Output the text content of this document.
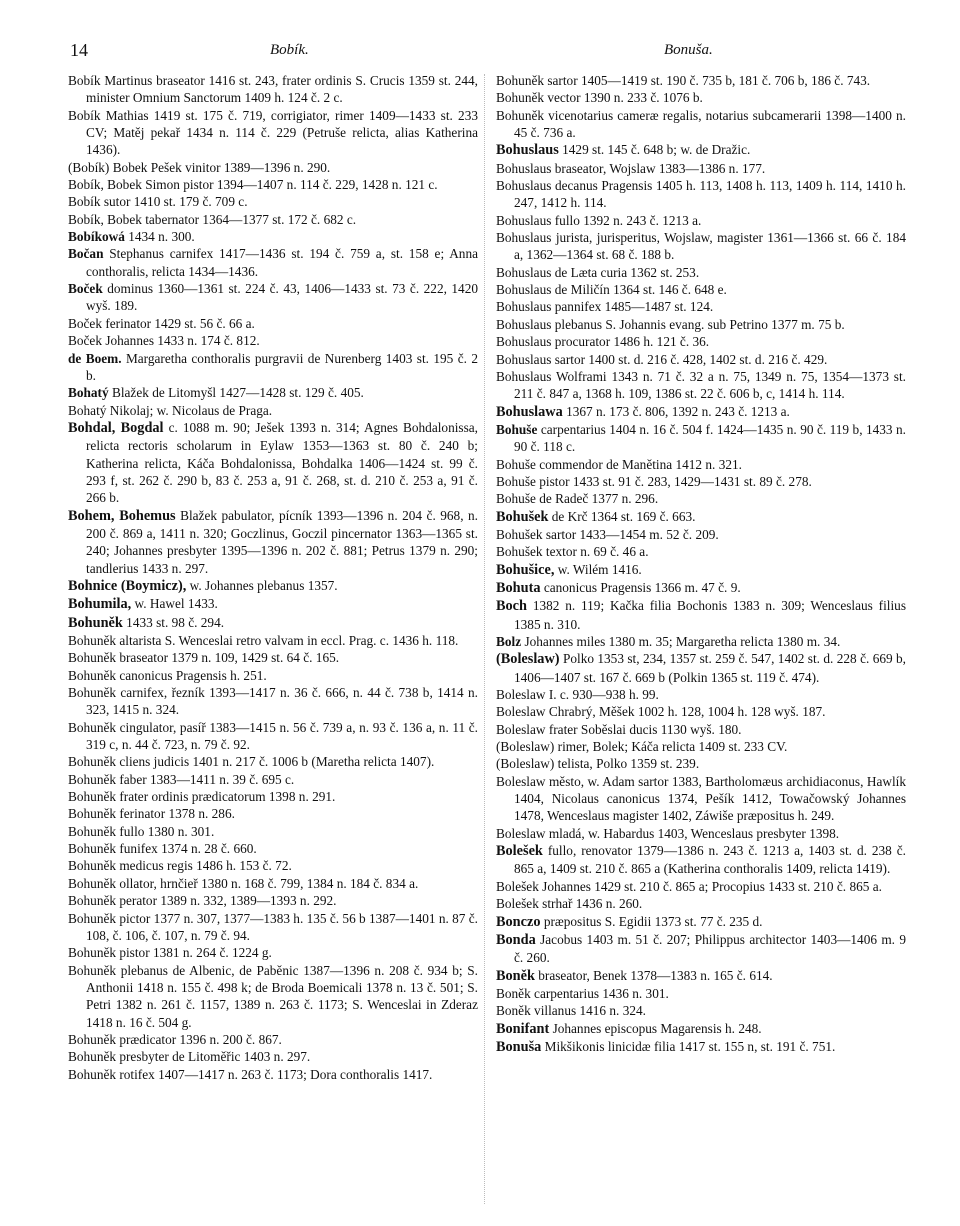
14	Bobík.	Bonuša.

Bobík Martinus braseator 1416 st. 243, frater ordinis S. Crucis 1359 st. 244, minister Omnium Sanctorum 1409 h. 124 č. 2 c.

Bobík Mathias 1419 st. 175 č. 719, corrigiator, rimer 1409—1433 st. 233 CV; Matěj pekař 1434 n. 114 č. 229 (Petruše relicta, alias Katherina 1436).

(Bobík) Bobek Pešek vinitor 1389—1396 n. 290.

Bobík, Bobek Simon pistor 1394—1407 n. 114 č. 229, 1428 n. 121 c.

Bobík sutor 1410 st. 179 č. 709 c.

Bobík, Bobek tabernator 1364—1377 st. 172 č. 682 c.

Bobíkowá 1434 n. 300.

Bočan Stephanus carnifex 1417—1436 st. 194 č. 759 a, st. 158 e; Anna conthoralis, relicta 1434—1436.

Boček dominus 1360—1361 st. 224 č. 43, 1406—1433 st. 73 č. 222, 1420 wyš. 189.

Boček ferinator 1429 st. 56 č. 66 a.

Boček Johannes 1433 n. 174 č. 812.

de Boem. Margaretha conthoralis purgravii de Nurenberg 1403 st. 195 č. 2 b.

Bohatý Blažek de Litomyšl 1427—1428 st. 129 č. 405.

Bohatý Nikolaj; w. Nicolaus de Praga.

Bohdal, Bogdal c. 1088 m. 90; Ješek 1393 n. 314; Agnes Bohdalonissa, relicta rectoris scholarum in Eylaw 1353—1363 st. 80 č. 240 b; Katherina relicta, Káča Bohdalonissa, Bohdalka 1406—1424 st. 99 č. 293 f, st. 262 č. 290 b, 83 č. 253 a, 91 č. 268, st. d. 210 č. 253 a, 91 č. 266 b.

Bohem, Bohemus Blažek pabulator, pícník 1393—1396 n. 204 č. 968, n. 200 č. 869 a, 1411 n. 320; Goczlinus, Goczil pincernator 1363—1365 st. 240; Johannes presbyter 1395—1396 n. 202 č. 881; Petrus 1379 n. 290; tandlerius 1433 n. 297.

Bohnice (Boymicz), w. Johannes plebanus 1357.

Bohumila, w. Hawel 1433.

Bohuněk 1433 st. 98 č. 294.

Bohuněk altarista S. Wenceslai retro valvam in eccl. Prag. c. 1436 h. 118.

Bohuněk braseator 1379 n. 109, 1429 st. 64 č. 165.

Bohuněk canonicus Pragensis h. 251.

Bohuněk carnifex, řezník 1393—1417 n. 36 č. 666, n. 44 č. 738 b, 1414 n. 323, 1415 n. 324.

Bohuněk cingulator, pasíř 1383—1415 n. 56 č. 739 a, n. 93 č. 136 a, n. 11 č. 319 c, n. 44 č. 723, n. 79 č. 92.

Bohuněk cliens judicis 1401 n. 217 č. 1006 b (Maretha relicta 1407).

Bohuněk faber 1383—1411 n. 39 č. 695 c.

Bohuněk frater ordinis prædicatorum 1398 n. 291.

Bohuněk ferinator 1378 n. 286.

Bohuněk fullo 1380 n. 301.

Bohuněk funifex 1374 n. 28 č. 660.

Bohuněk medicus regis 1486 h. 153 č. 72.

Bohuněk ollator, hrnčieř 1380 n. 168 č. 799, 1384 n. 184 č. 834 a.

Bohuněk perator 1389 n. 332, 1389—1393 n. 292.

Bohuněk pictor 1377 n. 307, 1377—1383 h. 135 č. 56 b 1387—1401 n. 87 č. 108, č. 106, č. 107, n. 79 č. 94.

Bohuněk pistor 1381 n. 264 č. 1224 g.

Bohuněk plebanus de Albenic, de Paběnic 1387—1396 n. 208 č. 934 b; S. Anthonii 1418 n. 155 č. 498 k; de Broda Boemicali 1378 n. 13 č. 501; S. Petri 1382 n. 261 č. 1157, 1389 n. 263 č. 1173; S. Wenceslai in Zderaz 1418 n. 16 č. 504 g.

Bohuněk prædicator 1396 n. 200 č. 867.

Bohuněk presbyter de Litoměřic 1403 n. 297.

Bohuněk rotifex 1407—1417 n. 263 č. 1173; Dora conthoralis 1417.

Bohuněk sartor 1405—1419 st. 190 č. 735 b, 181 č. 706 b, 186 č. 743.

Bohuněk vector 1390 n. 233 č. 1076 b.

Bohuněk vicenotarius cameræ regalis, notarius subcamerarii 1398—1400 n. 45 č. 736 a.

Bohuslaus 1429 st. 145 č. 648 b; w. de Dražic.

Bohuslaus braseator, Wojslaw 1383—1386 n. 177.

Bohuslaus decanus Pragensis 1405 h. 113, 1408 h. 113, 1409 h. 114, 1410 h. 247, 1412 h. 114.

Bohuslaus fullo 1392 n. 243 č. 1213 a.

Bohuslaus jurista, jurisperitus, Wojslaw, magister 1361—1366 st. 66 č. 184 a, 1362—1364 st. 68 č. 188 b.

Bohuslaus de Læta curia 1362 st. 253.

Bohuslaus de Miličín 1364 st. 146 č. 648 e.

Bohuslaus pannifex 1485—1487 st. 124.

Bohuslaus plebanus S. Johannis evang. sub Petrino 1377 m. 75 b.

Bohuslaus procurator 1486 h. 121 č. 36.

Bohuslaus sartor 1400 st. d. 216 č. 428, 1402 st. d. 216 č. 429.

Bohuslaus Wolframi 1343 n. 71 č. 32 a n. 75, 1349 n. 75, 1354—1373 st. 211 č. 847 a, 1368 h. 109, 1386 st. 22 č. 606 b, c, 1414 h. 114.

Bohuslawa 1367 n. 173 č. 806, 1392 n. 243 č. 1213 a.

Bohuše carpentarius 1404 n. 16 č. 504 f. 1424—1435 n. 90 č. 119 b, 1433 n. 90 č. 118 c.

Bohuše commendor de Manětina 1412 n. 321.

Bohuše pistor 1433 st. 91 č. 283, 1429—1431 st. 89 č. 278.

Bohuše de Radeč 1377 n. 296.

Bohušek de Krč 1364 st. 169 č. 663.

Bohušek sartor 1433—1454 m. 52 č. 209.

Bohušek textor n. 69 č. 46 a.

Bohušice, w. Wilém 1416.

Bohuta canonicus Pragensis 1366 m. 47 č. 9.

Boch 1382 n. 119; Kačka filia Bochonis 1383 n. 309; Wenceslaus filius 1385 n. 310.

Bolz Johannes miles 1380 m. 35; Margaretha relicta 1380 m. 34.

(Boleslaw) Polko 1353 st, 234, 1357 st. 259 č. 547, 1402 st. d. 228 č. 669 b, 1406—1407 st. 167 č. 669 b (Polkin 1365 st. 119 č. 474).

Boleslaw I. c. 930—938 h. 99.

Boleslaw Chrabrý, Měšek 1002 h. 128, 1004 h. 128 wyš. 187.

Boleslaw frater Soběslai ducis 1130 wyš. 180.

(Boleslaw) rimer, Bolek; Káča relicta 1409 st. 233 CV.

(Boleslaw) telista, Polko 1359 st. 239.

Boleslaw město, w. Adam sartor 1383, Bartholomæus archidiaconus, Hawlík 1404, Nicolaus canonicus 1374, Pešík 1412, Towačowský Johannes 1478, Wenceslaus magister 1402, Záwiše præpositus h. 249.

Boleslaw mladá, w. Habardus 1403, Wenceslaus presbyter 1398.

Bolešek fullo, renovator 1379—1386 n. 243 č. 1213 a, 1403 st. d. 238 č. 865 a, 1409 st. 210 č. 865 a (Katherina conthoralis 1409, relicta 1419).

Bolešek Johannes 1429 st. 210 č. 865 a; Procopius 1433 st. 210 č. 865 a.

Bolešek strhař 1436 n. 260.

Bonczo præpositus S. Egidii 1373 st. 77 č. 235 d.

Bonda Jacobus 1403 m. 51 č. 207; Philippus architector 1403—1406 m. 9 č. 260.

Boněk braseator, Benek 1378—1383 n. 165 č. 614.

Boněk carpentarius 1436 n. 301.

Boněk villanus 1416 n. 324.

Bonifant Johannes episcopus Magarensis h. 248.

Bonuša Mikšikonis linicidæ filia 1417 st. 155 n, st. 191 č. 751.
